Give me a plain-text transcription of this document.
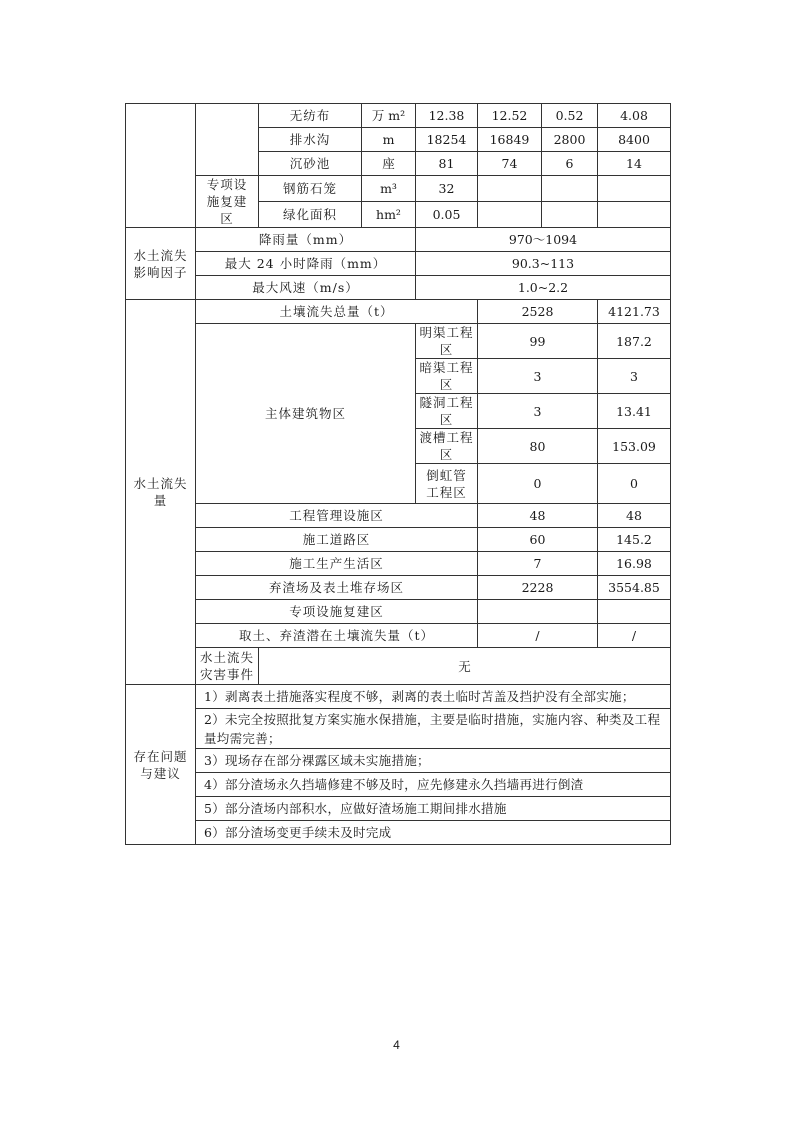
		无纺布	万 m²	12.38	12.52	0.52	4.08
		排水沟	m	18254	16849	2800	8400
		沉砂池	座	81	74	6	14
	专项设施复建区	钢筋石笼	m³	32			
		绿化面积	hm²	0.05			
水土流失影响因子	降雨量（mm）			970～1094			
	最大 24 小时降雨（mm）			90.3~113			
	最大风速（m/s）			1.0~2.2			
水土流失量	土壤流失总量（t）				2528		4121.73
	主体建筑物区			明渠工程区	99		187.2
				暗渠工程区	3		3
				隧洞工程区	3		13.41
				渡槽工程区	80		153.09
				倒虹管工程区	0		0
	工程管理设施区				48		48
	施工道路区				60		145.2
	施工生产生活区				7		16.98
	弃渣场及表土堆存场区				2228		3554.85
	专项设施复建区						
	取土、弃渣潜在土壤流失量（t）				/		/
	水土流失灾害事件	无					
存在问题与建议	1）剥离表土措施落实程度不够，剥离的表土临时苫盖及挡护没有全部实施；						
	2）未完全按照批复方案实施水保措施，主要是临时措施，实施内容、种类及工程量均需完善；						
	3）现场存在部分裸露区域未实施措施；						
	4）部分渣场永久挡墙修建不够及时，应先修建永久挡墙再进行倒渣						
	5）部分渣场内部积水，应做好渣场施工期间排水措施						
	6）部分渣场变更手续未及时完成						
4
